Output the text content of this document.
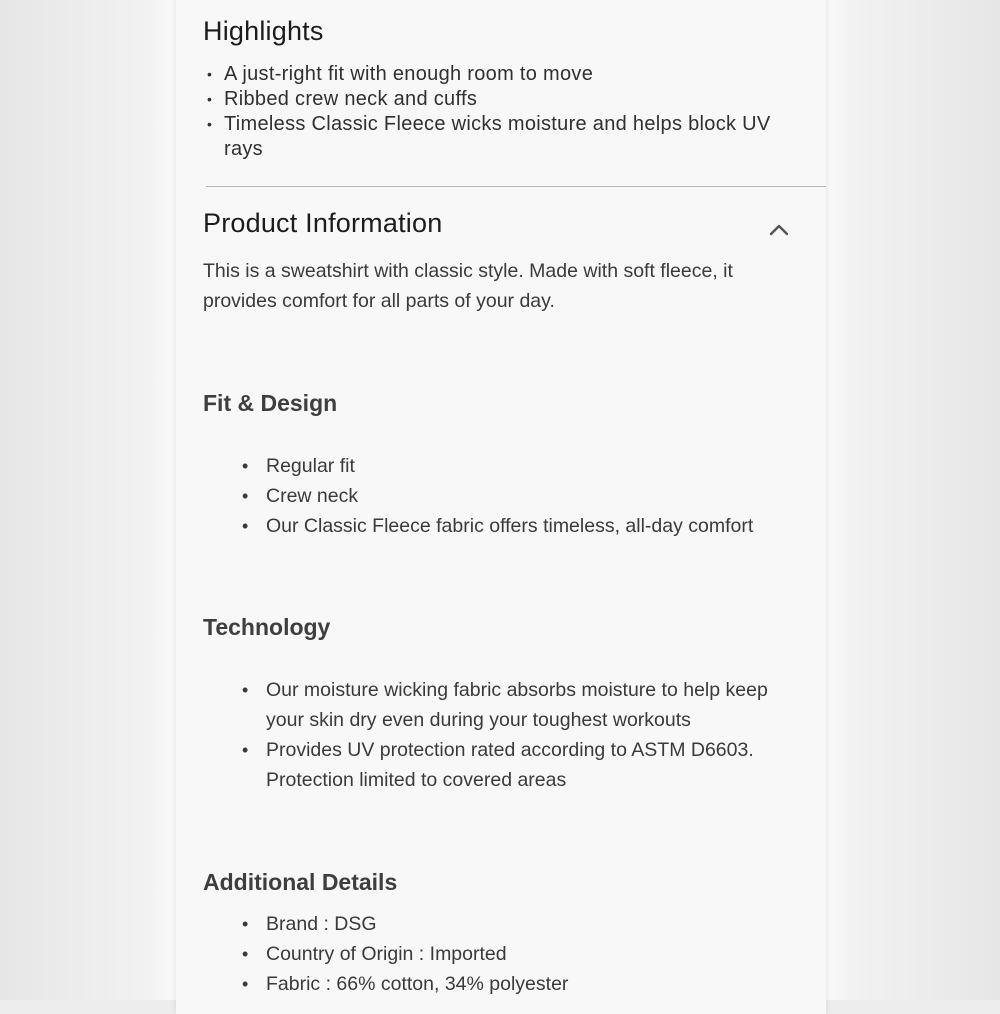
Highlights
• A just-right fit with enough room to move
• Ribbed crew neck and cuffs
• Timeless Classic Fleece wicks moisture and helps block UV rays
Product Information

This is a sweatshirt with classic style. Made with soft fleece, it provides comfort for all parts of your day.

Fit & Design
• Regular fit
• Crew neck
• Our Classic Fleece fabric offers timeless, all-day comfort
Technology
• Our moisture wicking fabric absorbs moisture to help keep your skin dry even during your toughest workouts
• Provides UV protection rated according to ASTM D6603. Protection limited to covered areas
Additional Details
• Brand : DSG
• Country of Origin : Imported
• Fabric : 66% cotton, 34% polyester
